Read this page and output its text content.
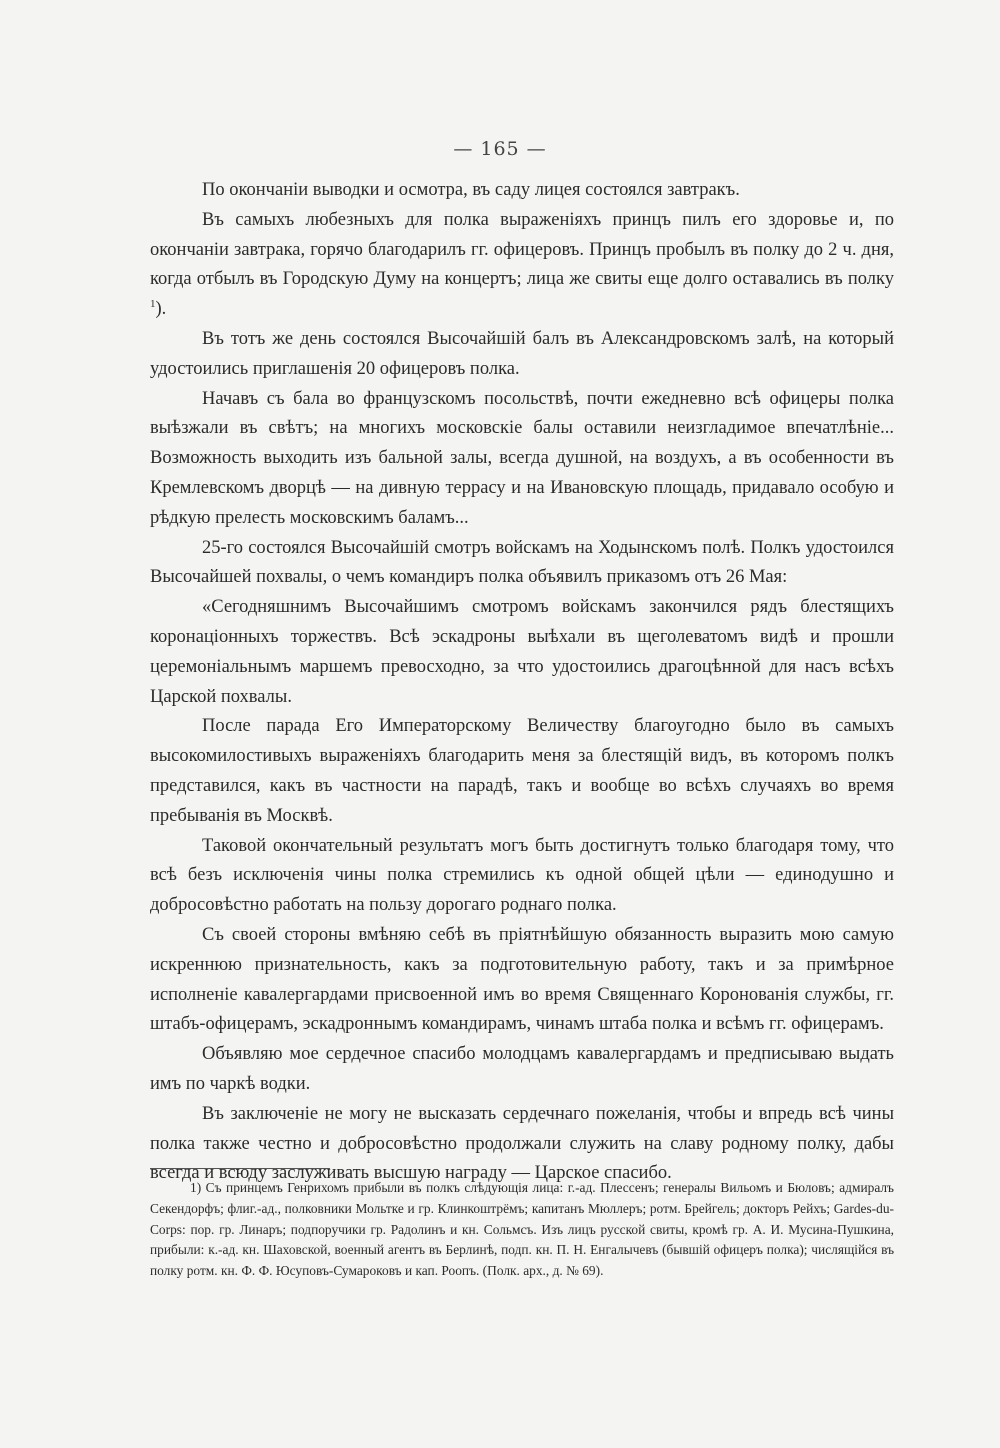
— 165 —

По окончаніи выводки и осмотра, въ саду лицея состоялся завтракъ.

Въ самыхъ любезныхъ для полка выраженіяхъ принцъ пилъ его здоровье и, по окончаніи завтрака, горячо благодарилъ гг. офицеровъ. Принцъ пробылъ въ полку до 2 ч. дня, когда отбылъ въ Городскую Думу на концертъ; лица же свиты еще долго оставались въ полку $^1$).

Въ тотъ же день состоялся Высочайшій балъ въ Александровскомъ залѣ, на который удостоились приглашенія 20 офицеровъ полка.

Начавъ съ бала во французскомъ посольствѣ, почти ежедневно всѣ офицеры полка выѣзжали въ свѣтъ; на многихъ московскіе балы оставили неизгладимое впечатлѣніе... Возможность выходить изъ бальной залы, всегда душной, на воздухъ, а въ особенности въ Кремлевскомъ дворцѣ — на дивную террасу и на Ивановскую площадь, придавало особую и рѣдкую прелесть московскимъ баламъ...

25-го состоялся Высочайшій смотръ войскамъ на Ходынскомъ полѣ. Полкъ удостоился Высочайшей похвалы, о чемъ командиръ полка объявилъ приказомъ отъ 26 Мая:

«Сегодняшнимъ Высочайшимъ смотромъ войскамъ закончился рядъ блестящихъ коронаціонныхъ торжествъ. Всѣ эскадроны выѣхали въ щеголеватомъ видѣ и прошли церемоніальнымъ маршемъ превосходно, за что удостоились драгоцѣнной для насъ всѣхъ Царской похвалы.

После парада Его Императорскому Величеству благоугодно было въ самыхъ высокомилостивыхъ выраженіяхъ благодарить меня за блестящій видъ, въ которомъ полкъ представился, какъ въ частности на парадѣ, такъ и вообще во всѣхъ случаяхъ во время пребыванія въ Москвѣ.

Таковой окончательный результатъ могъ быть достигнутъ только благодаря тому, что всѣ безъ исключенія чины полка стремились къ одной общей цѣли — единодушно и добросовѣстно работать на пользу дорогаго роднаго полка.

Съ своей стороны вмѣняю себѣ въ пріятнѣйшую обязанность выразить мою самую искреннюю признательность, какъ за подготовительную работу, такъ и за примѣрное исполненіе кавалергардами присвоенной имъ во время Священнаго Коронованія службы, гг. штабъ-офицерамъ, эскадроннымъ командирамъ, чинамъ штаба полка и всѣмъ гг. офицерамъ.

Объявляю мое сердечное спасибо молодцамъ кавалергардамъ и предписываю выдать имъ по чаркѣ водки.

Въ заключеніе не могу не высказать сердечнаго пожеланія, чтобы и впредь всѣ чины полка также честно и добросовѣстно продолжали служить на славу родному полку, дабы всегда и всюду заслуживать высшую награду — Царское спасибо.

1) Съ принцемъ Генрихомъ прибыли въ полкъ слѣдующія лица: г.-ад. Плессенъ; генералы Вильомъ и Бюловъ; адмиралъ Секендорфъ; флиг.-ад., полковники Мольтке и гр. Клинкоштрёмъ; капитанъ Мюллеръ; ротм. Брейгель; докторъ Рейхъ; Gardes-du-Corps: пор. гр. Линаръ; подпоручики гр. Радолинъ и кн. Сольмсъ. Изъ лицъ русской свиты, кромѣ гр. А. И. Мусина-Пушкина, прибыли: к.-ад. кн. Шаховской, военный агентъ въ Берлинѣ, подп. кн. П. Н. Енгалычевъ (бывшій офицеръ полка); числящійся въ полку ротм. кн. Ф. Ф. Юсуповъ-Сумароковъ и кап. Роопъ. (Полк. арх., д. № 69).
